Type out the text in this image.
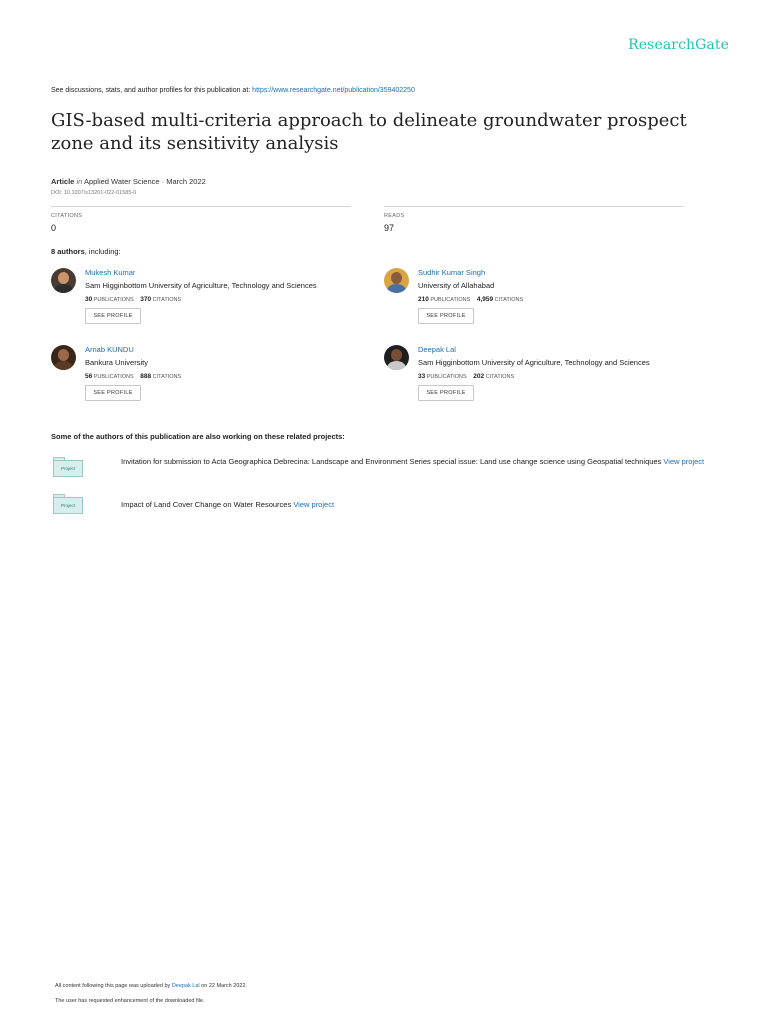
ResearchGate
See discussions, stats, and author profiles for this publication at: https://www.researchgate.net/publication/359402250
GIS-based multi-criteria approach to delineate groundwater prospect zone and its sensitivity analysis
Article in Applied Water Science · March 2022
DOI: 10.1007/s13201-022-01585-0
CITATIONS
0
READS
97
8 authors, including:
Mukesh Kumar
Sam Higginbottom University of Agriculture, Technology and Sciences
30 PUBLICATIONS 370 CITATIONS
SEE PROFILE
Sudhir Kumar Singh
University of Allahabad
210 PUBLICATIONS 4,959 CITATIONS
SEE PROFILE
Arnab KUNDU
Bankura University
56 PUBLICATIONS 888 CITATIONS
SEE PROFILE
Deepak Lal
Sam Higginbottom University of Agriculture, Technology and Sciences
33 PUBLICATIONS 202 CITATIONS
SEE PROFILE
Some of the authors of this publication are also working on these related projects:
Project
Invitation for submission to Acta Geographica Debrecina: Landscape and Environment Series special issue: Land use change science using Geospatial techniques View project
Project	Impact of Land Cover Change on Water Resources View project
All content following this page was uploaded by Deepak Lal on 22 March 2022.
The user has requested enhancement of the downloaded file.
